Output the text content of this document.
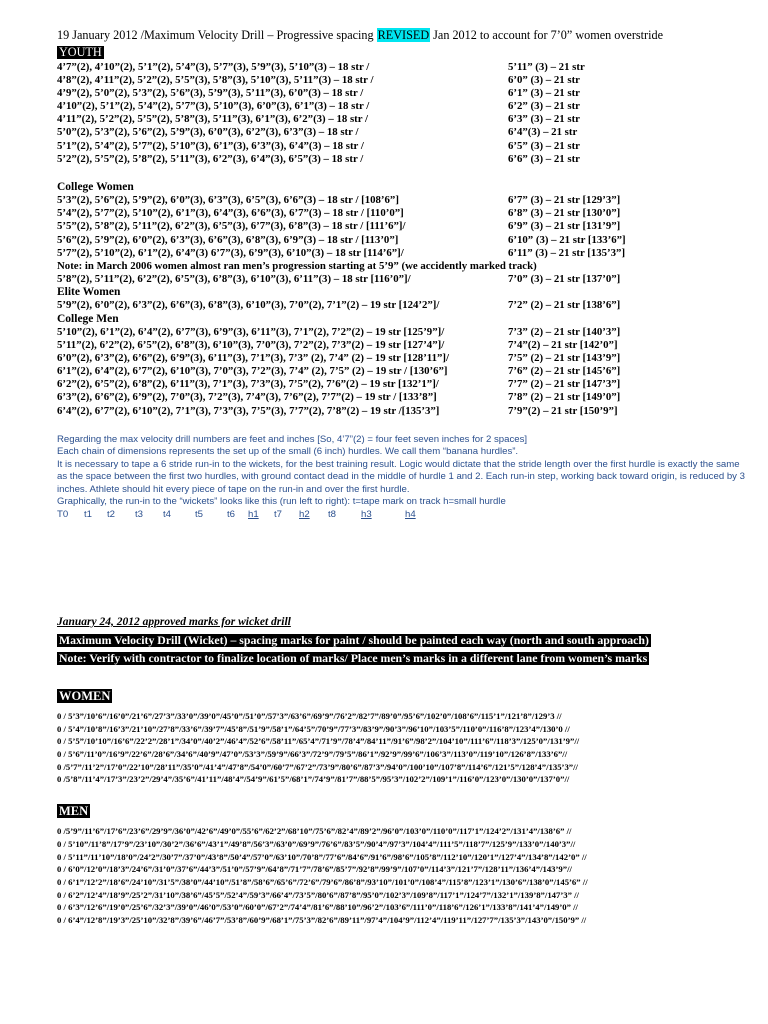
19 January 2012 /Maximum Velocity Drill – Progressive spacing REVISED Jan 2012 to account for 7’0” women overstride
YOUTH
4’7”(2), 4’10”(2), 5’1”(2), 5’4”(3), 5’7”(3), 5’9”(3), 5’10”(3) – 18 str /	5’11” (3) – 21 str
4’8”(2), 4’11”(2), 5’2”(2), 5’5”(3), 5’8”(3), 5’10”(3), 5’11”(3) – 18 str /	6’0” (3) – 21 str
4’9”(2), 5’0”(2), 5’3”(2), 5’6”(3), 5’9”(3), 5’11”(3), 6’0”(3) – 18 str /	6’1” (3) – 21 str
4’10”(2), 5’1”(2), 5’4”(2), 5’7”(3), 5’10”(3), 6’0”(3), 6’1”(3) – 18 str /	6’2” (3) – 21 str
4’11”(2), 5’2”(2), 5’5”(2), 5’8”(3), 5’11”(3), 6’1”(3), 6’2”(3) – 18 str /	6’3” (3) – 21 str
5’0”(2), 5’3”(2), 5’6”(2), 5’9”(3), 6’0”(3), 6’2”(3), 6’3”(3) – 18 str /	6’4”(3) – 21 str
5’1”(2), 5’4”(2), 5’7”(2), 5’10”(3), 6’1”(3), 6’3”(3), 6’4”(3) – 18 str /	6’5” (3) – 21 str
5’2”(2), 5’5”(2), 5’8”(2), 5’11”(3), 6’2”(3), 6’4”(3), 6’5”(3) – 18 str /	6’6” (3) – 21 str
College Women
5’3”(2), 5’6”(2), 5’9”(2), 6’0”(3), 6’3”(3), 6’5”(3), 6’6”(3) – 18 str / [108’6”]	6’7” (3) – 21 str [129’3”]
5’4”(2), 5’7”(2), 5’10”(2), 6’1”(3), 6’4”(3), 6’6”(3), 6’7”(3) – 18 str / [110’0”]	6’8” (3) – 21 str [130’0”]
5’5”(2), 5’8”(2), 5’11”(2), 6’2”(3), 6’5”(3), 6’7”(3), 6’8”(3) – 18 str / [111’6”]/	6’9” (3) – 21 str [131’9”]
5’6”(2), 5’9”(2), 6’0”(2), 6’3”(3), 6’6”(3), 6’8”(3), 6’9”(3) – 18 str / [113’0”]	6’10” (3) – 21 str [133’6”]
5’7”(2), 5’10”(2), 6’1”(2), 6’4”(3) 6’7”(3), 6’9”(3), 6’10”(3) – 18 str [114’6”]/	6’11” (3) – 21 str [135’3”]
Note: in March 2006 women almost ran men’s progression starting at 5’9” (we accidently marked track)
5’8”(2), 5’11”(2), 6’2”(2), 6’5”(3), 6’8”(3), 6’10”(3), 6’11”(3) – 18 str [116’0”]/	7’0” (3) – 21 str [137’0”]
Elite Women
5’9”(2), 6’0”(2), 6’3”(2), 6’6”(3), 6’8”(3), 6’10”(3), 7’0”(2), 7’1”(2) – 19 str [124’2”]/	7’2” (2) – 21 str [138’6”]
College Men
5’10”(2), 6’1”(2), 6’4”(2), 6’7”(3), 6’9”(3), 6’11”(3), 7’1”(2), 7’2”(2) – 19 str [125’9”]/	7’3” (2) – 21 str [140’3”]
5’11”(2), 6’2”(2), 6’5”(2), 6’8”(3), 6’10”(3), 7’0”(3), 7’2”(2), 7’3”(2) – 19 str [127’4”]/	7’4”(2) – 21 str [142’0”]
6’0”(2), 6’3”(2), 6’6”(2), 6’9”(3), 6’11”(3), 7’1”(3), 7’3” (2), 7’4” (2) – 19 str [128’11”]/	7’5” (2) – 21 str [143’9”]
6’1”(2), 6’4”(2), 6’7”(2), 6’10”(3), 7’0”(3), 7’2”(3), 7’4” (2), 7’5” (2) – 19 str / [130’6”]	7’6” (2) – 21 str [145’6”]
6’2”(2), 6’5”(2), 6’8”(2), 6’11”(3), 7’1”(3), 7’3”(3), 7’5”(2), 7’6”(2) – 19 str [132’1”]/	7’7” (2) – 21 str [147’3”]
6’3”(2), 6’6”(2), 6’9”(2), 7’0”(3), 7’2”(3), 7’4”(3), 7’6”(2), 7’7”(2) – 19 str / [133’8”]	7’8” (2) – 21 str [149’0”]
6’4”(2), 6’7”(2), 6’10”(2), 7’1”(3), 7’3”(3), 7’5”(3), 7’7”(2), 7’8”(2) – 19 str /[135’3”]	7’9”(2) – 21 str [150’9”]

Regarding the max velocity drill numbers are feet and inches [So, 4’7”(2) = four feet seven inches for 2 spaces]

Each chain of dimensions represents the set up of the small (6 inch) hurdles. We call them “banana hurdles”.

It is necessary to tape a 6 stride run-in to the wickets, for the best training result. Logic would dictate that the stride length over the first hurdle is exactly the same as the space between the first two hurdles, with ground contact dead in the middle of hurdle 1 and 2. Each run-in step, working back toward origin, is reduced by 3 inches. Athlete should hit every piece of tape on the run-in and over the first hurdle.

Graphically, the run-in to the “wickets” looks like this (run left to right): t=tape mark on track h=small hurdle

T0 t1 t2 t3 t4 t5 t6 h1 t7 h2 t8	h3	h4
January 24, 2012 approved marks for wicket drill
Maximum Velocity Drill (Wicket) – spacing marks for paint / should be painted each way (north and south approach)
Note: Verify with contractor to finalize location of marks/ Place men’s marks in a different lane from women’s marks
WOMEN
0 / 5’3”/10’6”/16’0”/21’6”/27’3”/33’0”/39’0”/45’0”/51’0”/57’3”/63’6”/69’9”/76’2”/82’7”/89’0”/95’6”/102’0”/108’6”/115’1”/121’8”/129’3 //
0 / 5’4”/10’8”/16’3”/21’10”/27’8”/33’6”/39’7”/45’8”/51’9”/58’1”/64’5”/70’9”/77’3”/83’9”/90’3”/96’10”/103’5”/110’0”/116’8”/123’4”/130’0 //
0 / 5’5”/10’10”/16’6”/22’2”/28’1”/34’0”/40’2”/46’4”/52’6”/58’11”/65’4”/71’9”/78’4”/84’11”/91’6”/98’2”/104’10”/111’6”/118’3”/125’0”/131’9”//
0 / 5’6”/11’0”/16’9”/22’6”/28’6”/34’6”/40’9”/47’0”/53’3”/59’9”/66’3”/72’9”/79’5”/86’1”/92’9”/99’6”/106’3”/113’0”/119’10”/126’8”/133’6”//
0 /5’7”/11’2”/17’0”/22’10”/28’11”/35’0”/41’4”/47’8”/54’0”/60’7”/67’2”/73’9”/80’6”/87’3”/94’0”/100’10”/107’8”/114’6”/121’5”/128’4”/135’3”//
0 /5’8”/11’4”/17’3”/23’2”/29’4”/35’6”/41’11”/48’4”/54’9”/61’5”/68’1”/74’9”/81’7”/88’5”/95’3”/102’2”/109’1”/116’0”/123’0”/130’0”/137’0”//
MEN
0 /5’9”/11’6”/17’6”/23’6”/29’9”/36’0”/42’6”/49’0”/55’6”/62’2”/68’10”/75’6”/82’4”/89’2”/96’0”/103’0”/110’0”/117’1”/124’2”/131’4”/138’6” //
0 / 5’10”/11’8”/17’9”/23’10”/30’2”/36’6”/43’1”/49’8”/56’3”/63’0”/69’9”/76’6”/83’5”/90’4”/97’3”/104’4”/111’5”/118’7”/125’9”/133’0”/140’3”//
0 / 5’11”/11’10”/18’0”/24’2”/30’7”/37’0”/43’8”/50’4”/57’0”/63’10”/70’8”/77’6”/84’6”/91’6”/98’6”/105’8”/112’10”/120’1”/127’4”/134’8”/142’0” //
0 / 6’0”/12’0”/18’3”/24’6”/31’0”/37’6”/44’3”/51’0”/57’9”/64’8”/71’7”/78’6”/85’7”/92’8”/99’9”/107’0”/114’3”/121’7”/128’11”/136’4”/143’9”//
0 / 6’1”/12’2”/18’6”/24’10”/31’5”/38’0”/44’10”/51’8”/58’6”/65’6”/72’6”/79’6”/86’8”/93’10”/101’0”/108’4”/115’8”/123’1”/130’6”/138’0”/145’6” //
0 / 6’2”/12’4”/18’9”/25’2”/31’10”/38’6”/45’5”/52’4”/59’3”/66’4”/73’5”/80’6”/87’8”/95’0”/102’3”/109’8”/117’1”/124’7”/132’1”/139’8”/147’3” //
0 / 6’3”/12’6”/19’0”/25’6”/32’3”/39’0”/46’0”/53’0”/60’0”/67’2”/74’4”/81’6”/88’10”/96’2”/103’6”/111’0”/118’6”/126’1”/133’8”/141’4”/149’0” //
0 / 6’4”/12’8”/19’3”/25’10”/32’8”/39’6”/46’7”/53’8”/60’9”/68’1”/75’3”/82’6”/89’11”/97’4”/104’9”/112’4”/119’11”/127’7”/135’3”/143’0”/150’9” //
